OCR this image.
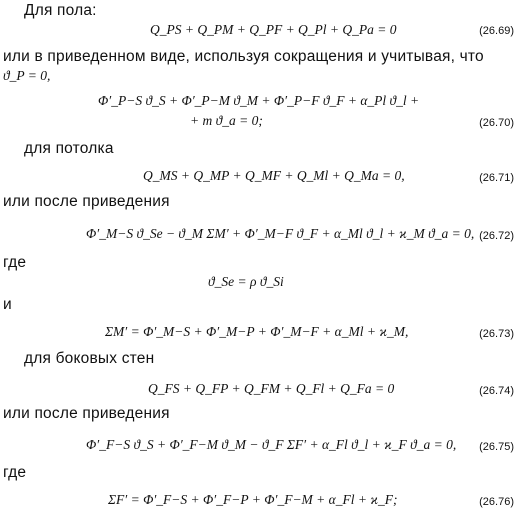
Для пола:
Q_PS + Q_PM + Q_PF + Q_Pl + Q_Pa = 0	(26.69)
или в приведенном виде, используя сокращения и учитывая, что
ϑ_P = 0,
Φ′_P−S ϑ_S + Φ′_P−M ϑ_M + Φ′_P−F ϑ_F + α_Pl ϑ_l +
+ m ϑ_a = 0;	(26.70)
для потолка
Q_MS + Q_MP + Q_MF + Q_Ml + Q_Ma = 0,	(26.71)
или после приведения
Φ′_M−S ϑ_Se − ϑ_M ΣM′ + Φ′_M−F ϑ_F + α_Ml ϑ_l + ϰ_M ϑ_a = 0, (26.72)
где
ϑ_Se = ρ ϑ_Si
и
ΣM′ = Φ′_M−S + Φ′_M−P + Φ′_M−F + α_Ml + ϰ_M,	(26.73)
для боковых стен
Q_FS + Q_FP + Q_FM + Q_Fl + Q_Fa = 0	(26.74)
или после приведения
Φ′_F−S ϑ_S + Φ′_F−M ϑ_M − ϑ_F ΣF′ + α_Fl ϑ_l + ϰ_F ϑ_a = 0, (26.75)
где
ΣF′ = Φ′_F−S + Φ′_F−P + Φ′_F−M + α_Fl + ϰ_F;	(26.76)
